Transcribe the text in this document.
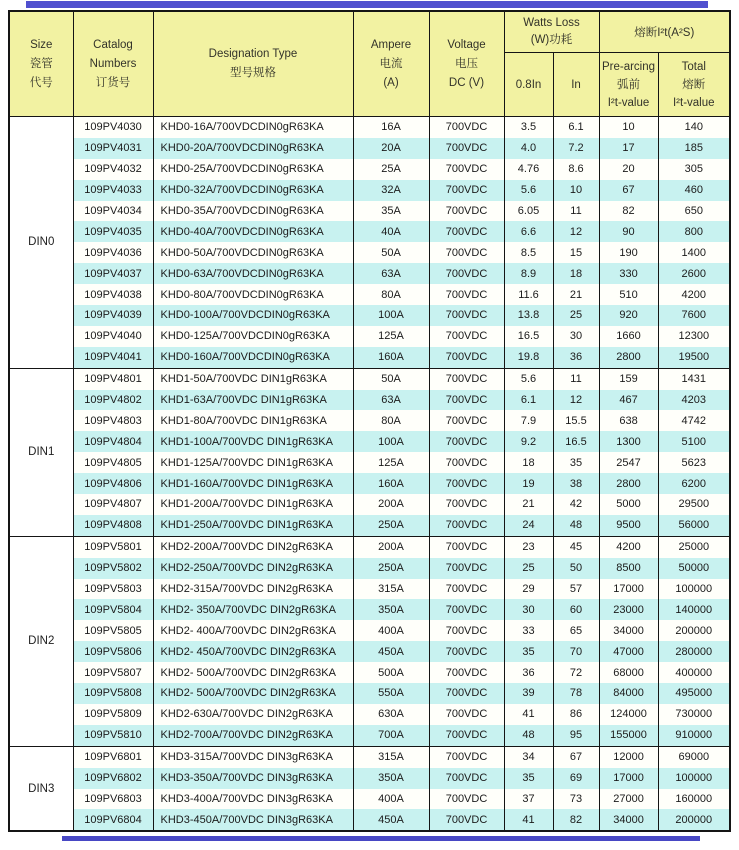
Size
瓷管
代号

Catalog
Numbers
订货号

Designation Type
型号规格

Ampere
电流
(A)

Voltage
电压
DC (V)

Watts Loss
(W)功耗
	熔断I²t(A²S)
0.8In	In	
Pre-arcing
弧前
I²t-value

Total
熔断
I²t-value

DIN0	109PV4030	KHD0-16A/700VDCDIN0gR63KA	16A	700VDC	3.5	6.1	10	140
	109PV4031	KHD0-20A/700VDCDIN0gR63KA	20A	700VDC	4.0	7.2	17	185
	109PV4032	KHD0-25A/700VDCDIN0gR63KA	25A	700VDC	4.76	8.6	20	305
	109PV4033	KHD0-32A/700VDCDIN0gR63KA	32A	700VDC	5.6	10	67	460
	109PV4034	KHD0-35A/700VDCDIN0gR63KA	35A	700VDC	6.05	11	82	650
	109PV4035	KHD0-40A/700VDCDIN0gR63KA	40A	700VDC	6.6	12	90	800
	109PV4036	KHD0-50A/700VDCDIN0gR63KA	50A	700VDC	8.5	15	190	1400
	109PV4037	KHD0-63A/700VDCDIN0gR63KA	63A	700VDC	8.9	18	330	2600
	109PV4038	KHD0-80A/700VDCDIN0gR63KA	80A	700VDC	11.6	21	510	4200
	109PV4039	KHD0-100A/700VDCDIN0gR63KA	100A	700VDC	13.8	25	920	7600
	109PV4040	KHD0-125A/700VDCDIN0gR63KA	125A	700VDC	16.5	30	1660	12300
	109PV4041	KHD0-160A/700VDCDIN0gR63KA	160A	700VDC	19.8	36	2800	19500
DIN1	109PV4801	KHD1-50A/700VDC DIN1gR63KA	50A	700VDC	5.6	11	159	1431
	109PV4802	KHD1-63A/700VDC DIN1gR63KA	63A	700VDC	6.1	12	467	4203
	109PV4803	KHD1-80A/700VDC DIN1gR63KA	80A	700VDC	7.9	15.5	638	4742
	109PV4804	KHD1-100A/700VDC DIN1gR63KA	100A	700VDC	9.2	16.5	1300	5100
	109PV4805	KHD1-125A/700VDC DIN1gR63KA	125A	700VDC	18	35	2547	5623
	109PV4806	KHD1-160A/700VDC DIN1gR63KA	160A	700VDC	19	38	2800	6200
	109PV4807	KHD1-200A/700VDC DIN1gR63KA	200A	700VDC	21	42	5000	29500
	109PV4808	KHD1-250A/700VDC DIN1gR63KA	250A	700VDC	24	48	9500	56000
DIN2	109PV5801	KHD2-200A/700VDC DIN2gR63KA	200A	700VDC	23	45	4200	25000
	109PV5802	KHD2-250A/700VDC DIN2gR63KA	250A	700VDC	25	50	8500	50000
	109PV5803	KHD2-315A/700VDC DIN2gR63KA	315A	700VDC	29	57	17000	100000
	109PV5804	KHD2- 350A/700VDC DIN2gR63KA	350A	700VDC	30	60	23000	140000
	109PV5805	KHD2- 400A/700VDC DIN2gR63KA	400A	700VDC	33	65	34000	200000
	109PV5806	KHD2- 450A/700VDC DIN2gR63KA	450A	700VDC	35	70	47000	280000
	109PV5807	KHD2- 500A/700VDC DIN2gR63KA	500A	700VDC	36	72	68000	400000
	109PV5808	KHD2- 500A/700VDC DIN2gR63KA	550A	700VDC	39	78	84000	495000
	109PV5809	KHD2-630A/700VDC DIN2gR63KA	630A	700VDC	41	86	124000	730000
	109PV5810	KHD2-700A/700VDC DIN2gR63KA	700A	700VDC	48	95	155000	910000
DIN3	109PV6801	KHD3-315A/700VDC DIN3gR63KA	315A	700VDC	34	67	12000	69000
	109PV6802	KHD3-350A/700VDC DIN3gR63KA	350A	700VDC	35	69	17000	100000
	109PV6803	KHD3-400A/700VDC DIN3gR63KA	400A	700VDC	37	73	27000	160000
	109PV6804	KHD3-450A/700VDC DIN3gR63KA	450A	700VDC	41	82	34000	200000
